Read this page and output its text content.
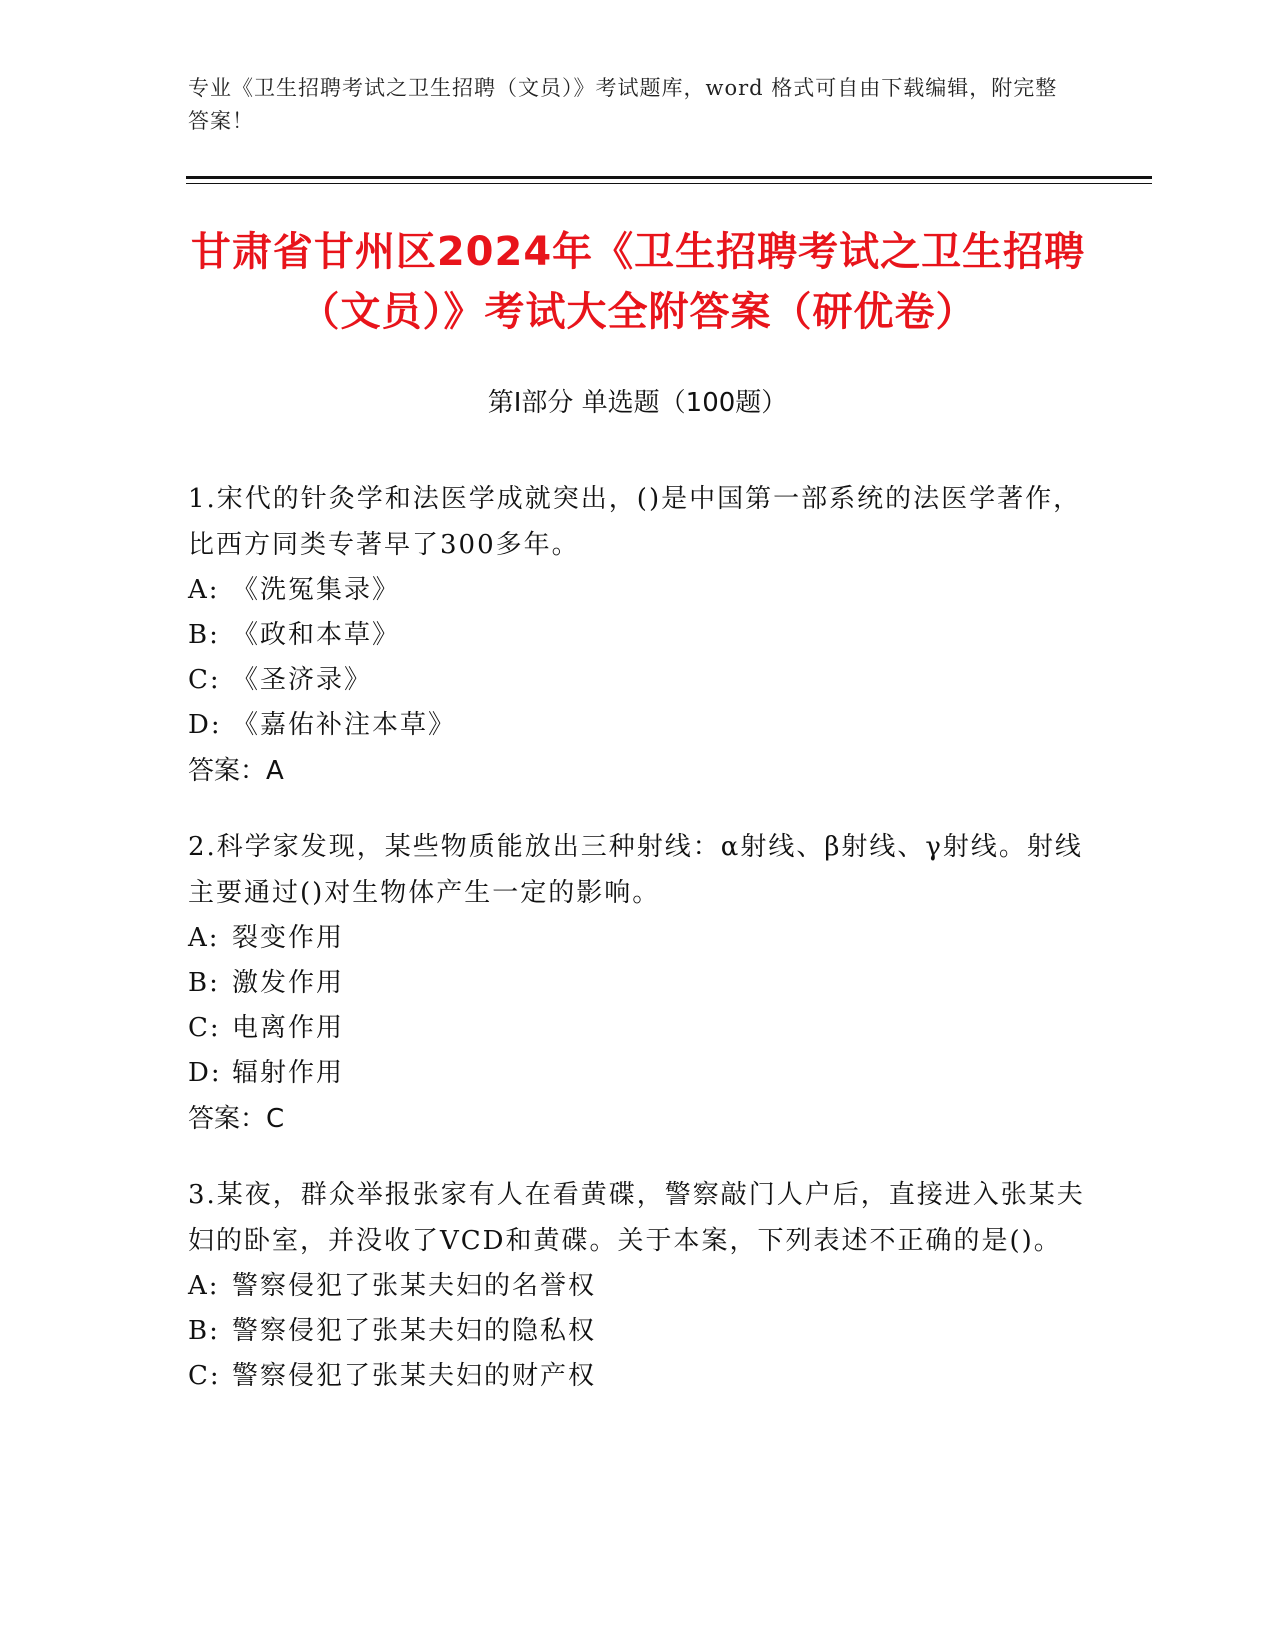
专业《卫生招聘考试之卫生招聘（文员）》考试题库，word 格式可自由下载编辑，附完整答案！
甘肃省甘州区2024年《卫生招聘考试之卫生招聘（文员）》考试大全附答案（研优卷）
第Ⅰ部分 单选题（100题）

1.宋代的针灸学和法医学成就突出，()是中国第一部系统的法医学著作，比西方同类专著早了300多年。

A: 《洗冤集录》

B: 《政和本草》

C: 《圣济录》

D: 《嘉佑补注本草》

答案：A

2.科学家发现，某些物质能放出三种射线：α射线、β射线、γ射线。射线主要通过()对生物体产生一定的影响。

A: 裂变作用

B: 激发作用

C: 电离作用

D: 辐射作用

答案：C

3.某夜，群众举报张家有人在看黄碟，警察敲门人户后，直接进入张某夫妇的卧室，并没收了VCD和黄碟。关于本案，下列表述不正确的是()。

A: 警察侵犯了张某夫妇的名誉权

B: 警察侵犯了张某夫妇的隐私权

C: 警察侵犯了张某夫妇的财产权
